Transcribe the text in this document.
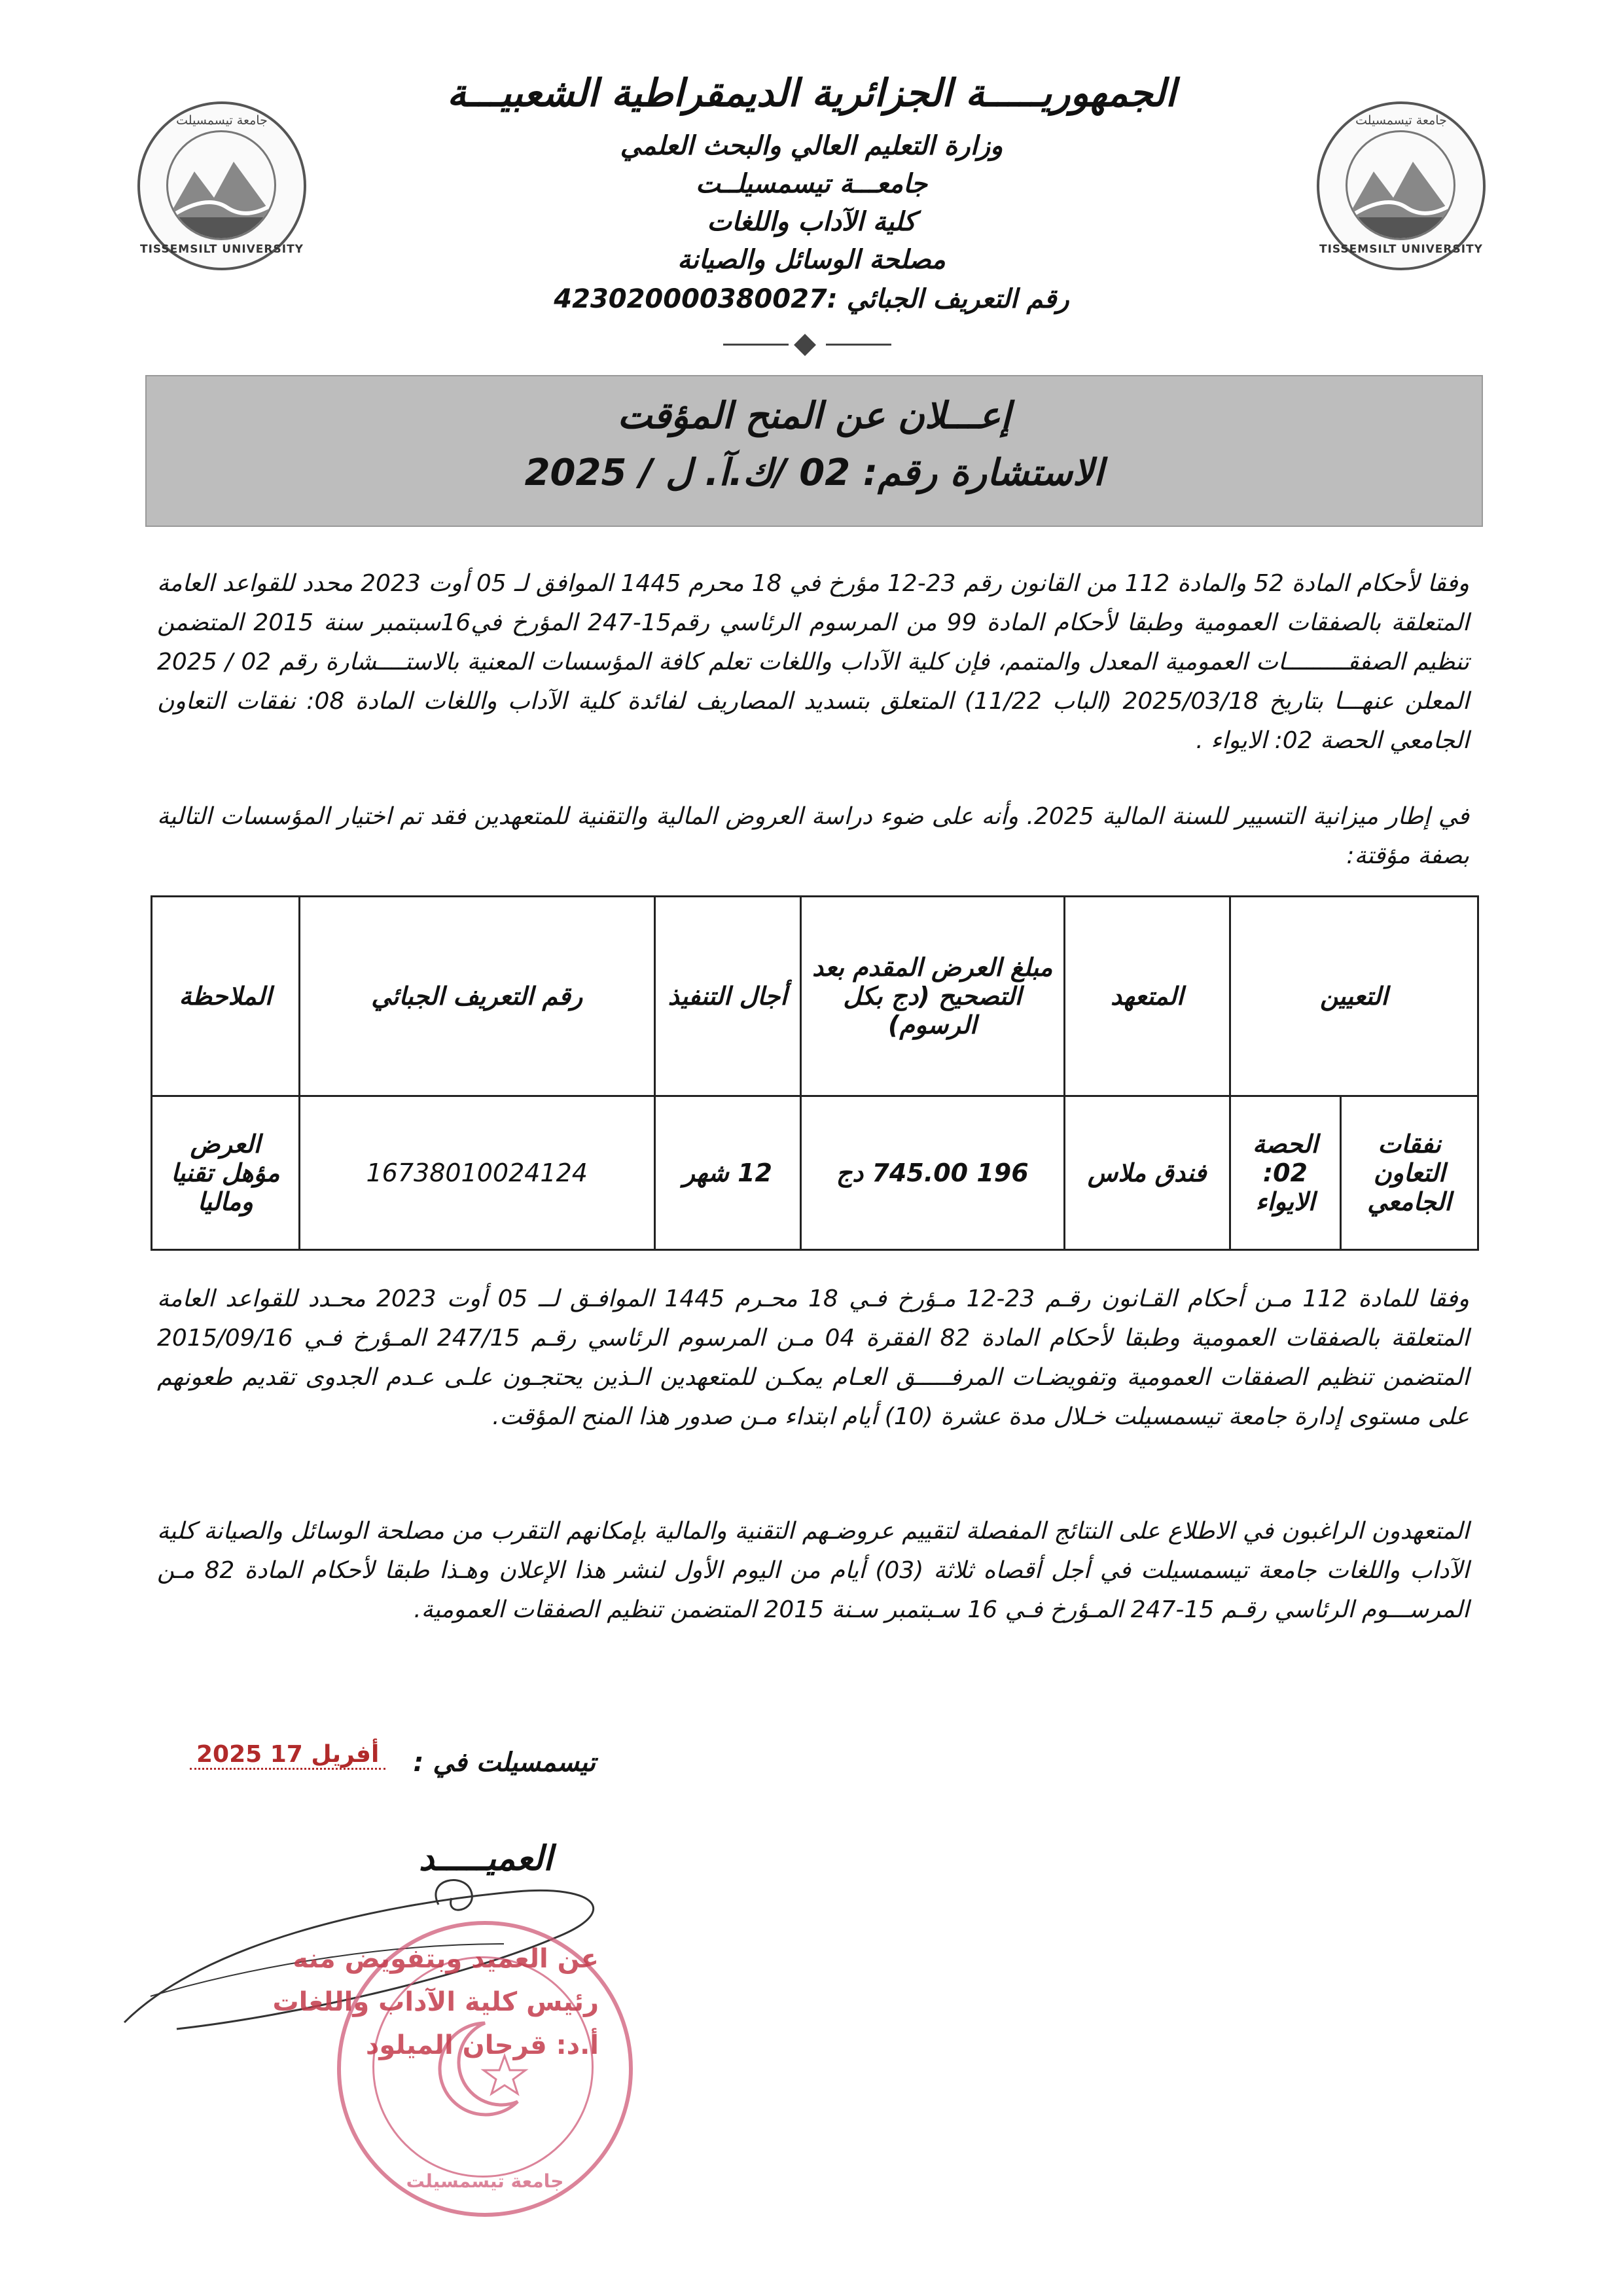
جامعة تيسمسيلت
TISSEMSILT UNIVERSITY
جامعة تيسمسيلت
TISSEMSILT UNIVERSITY
الجمهوريـــــة الجزائرية الديمقراطية الشعبيـــة
وزارة التعليم العالي والبحث العلمي
جامعـــة تيسمسيلــت
كلية الآداب واللغات
مصلحة الوسائل والصيانة
رقم التعريف الجبائي :423020000380027
إعـــلان عن المنح المؤقت
الاستشارة رقم: 02 /ك.آ. ل / 2025
وفقا لأحكام المادة 52 والمادة 112 من القانون رقم 23-12 مؤرخ في 18 محرم 1445 الموافق لـ 05 أوت 2023 محدد للقواعد العامة المتعلقة بالصفقات العمومية وطبقا لأحكام المادة 99 من المرسوم الرئاسي رقم15-247 المؤرخ في16سبتمبر سنة 2015 المتضمن تنظيم الصفقـــــــــات العمومية المعدل والمتمم، فإن كلية الآداب واللغات تعلم كافة المؤسسات المعنية بالاستــــشارة رقم 02 / 2025 المعلن عنهـــا بتاريخ 2025/03/18 (الباب 11/22) المتعلق بتسديد المصاريف لفائدة كلية الآداب واللغات المادة 08: نفقات التعاون الجامعي الحصة 02: الايواء .
في إطار ميزانية التسيير للسنة المالية 2025. وأنه على ضوء دراسة العروض المالية والتقنية للمتعهدين فقد تم اختيار المؤسسات التالية بصفة مؤقتة:
التعيين		المتعهد	مبلغ العرض المقدم بعد التصحيح (دج بكل الرسوم)	أجال التنفيذ	رقم التعريف الجبائي	الملاحظة
نفقات التعاون الجامعي	الحصة 02: الايواء	فندق ملاس	196 745.00 دج	12 شهر	16738010024124	العرض مؤهل تقنيا وماليا
وفقا للمادة 112 مـن أحكام القـانون رقـم 23-12 مـؤرخ فـي 18 محـرم 1445 الموافـق لــ 05 أوت 2023 محـدد للقواعد العامة المتعلقة بالصفقات العمومية وطبقا لأحكام المادة 82 الفقرة 04 مـن المرسوم الرئاسي رقـم 247/15 المـؤرخ فـي 2015/09/16 المتضمن تنظيم الصفقات العمومية وتفويضـات المرفـــــق العـام يمكـن للمتعهدين الـذين يحتجـون علـى عـدم الجدوى تقديم طعونهم على مستوى إدارة جامعة تيسمسيلت خـلال مدة عشرة (10) أيام ابتداء مـن صدور هذا المنح المؤقت.
المتعهدون الراغبون في الاطلاع على النتائج المفصلة لتقييم عروضـهم التقنية والمالية بإمكانهم التقرب من مصلحة الوسائل والصيانة كلية الآداب واللغات جامعة تيسمسيلت في أجل أقصاه ثلاثة (03) أيام من اليوم الأول لنشر هذا الإعلان وهـذا طبقا لأحكام المادة 82 مـن المرســـوم الرئاسي رقـم 15-247 المـؤرخ فـي 16 سـبتمبر سـنة 2015 المتضمن تنظيم الصفقات العمومية.
تيسمسيلت في :
2025 أفريل 17
العميـــــد
جامعة تيسمسيلت
عن العميد وبتفويض منه
رئيس كلية الآداب واللغات
أ.د: قرحان الميلود
